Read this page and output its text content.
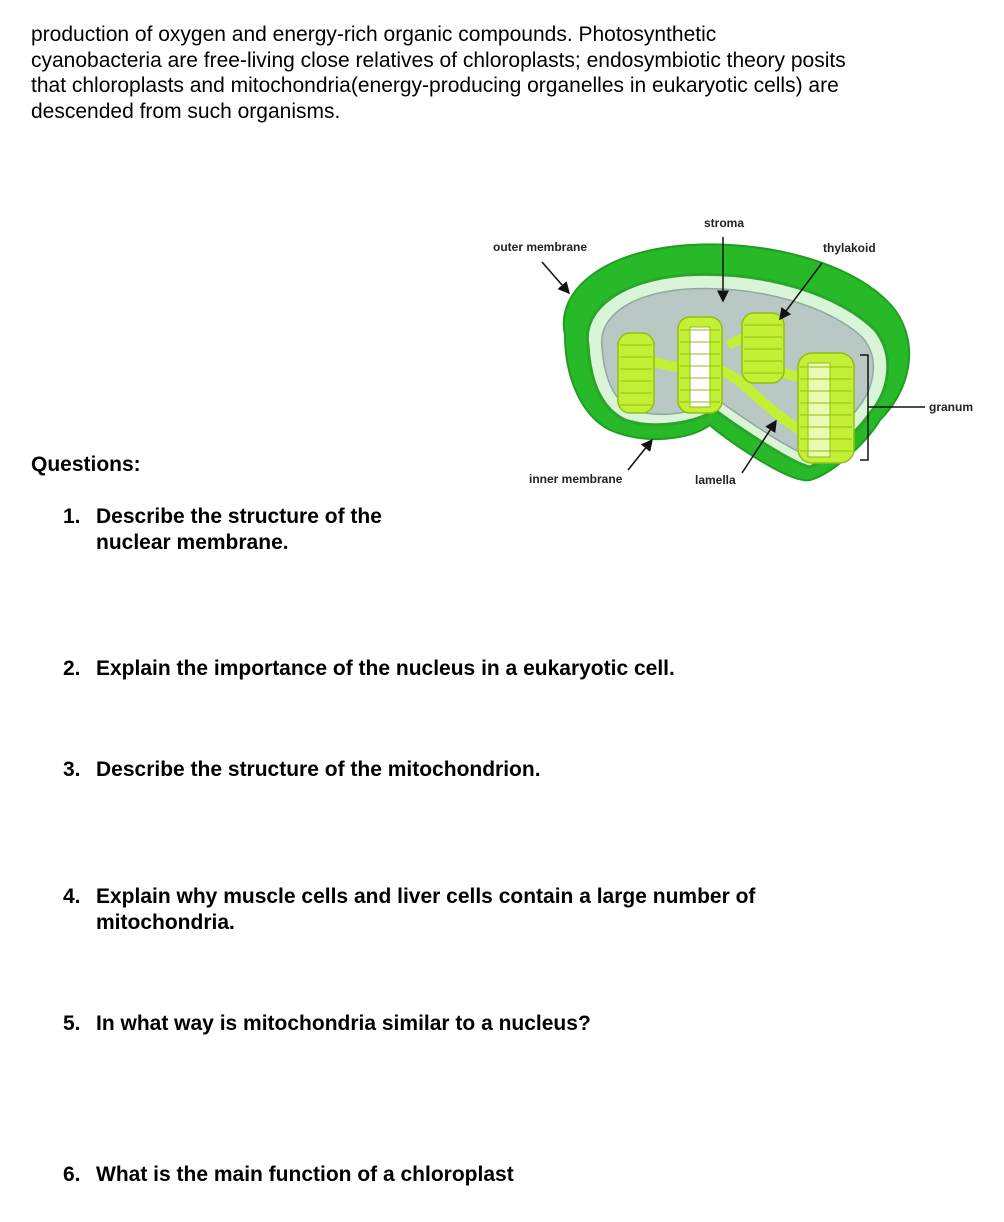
production of oxygen and energy-rich organic compounds. Photosynthetic
cyanobacteria are free-living close relatives of chloroplasts; endosymbiotic theory posits
that chloroplasts and mitochondria(energy-producing organelles in eukaryotic cells) are
descended from such organisms.

stroma
outer membrane	thylakoid
granum
inner membrane	lamella
Questions:
1. Describe the structure of the
nuclear membrane.
2. Explain the importance of the nucleus in a eukaryotic cell.
3. Describe the structure of the mitochondrion.
4. Explain why muscle cells and liver cells contain a large number of
mitochondria.
5. In what way is mitochondria similar to a nucleus?
6. What is the main function of a chloroplast
